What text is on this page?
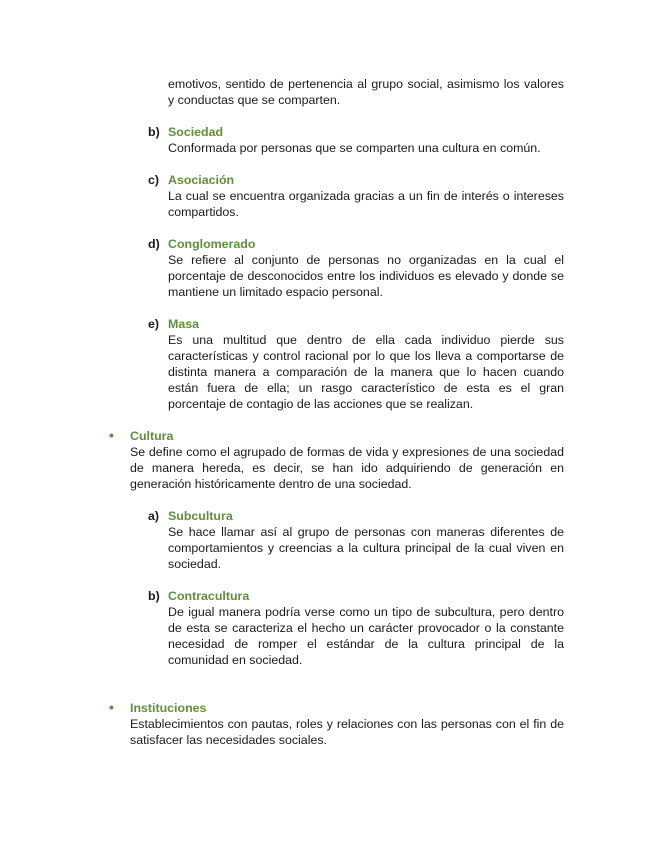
emotivos, sentido de pertenencia al grupo social, asimismo los valores y conductas que se comparten.

b) Sociedad

Conformada por personas que se comparten una cultura en común.

c) Asociación

La cual se encuentra organizada gracias a un fin de interés o intereses compartidos.

d) Conglomerado

Se refiere al conjunto de personas no organizadas en la cual el porcentaje de desconocidos entre los individuos es elevado y donde se mantiene un limitado espacio personal.

e) Masa

Es una multitud que dentro de ella cada individuo pierde sus características y control racional por lo que los lleva a comportarse de distinta manera a comparación de la manera que lo hacen cuando están fuera de ella; un rasgo característico de esta es el gran porcentaje de contagio de las acciones que se realizan.

• Cultura

Se define como el agrupado de formas de vida y expresiones de una sociedad de manera hereda, es decir, se han ido adquiriendo de generación en generación históricamente dentro de una sociedad.

a) Subcultura

Se hace llamar así al grupo de personas con maneras diferentes de comportamientos y creencias a la cultura principal de la cual viven en sociedad.

b) Contracultura

De igual manera podría verse como un tipo de subcultura, pero dentro de esta se caracteriza el hecho un carácter provocador o la constante necesidad de romper el estándar de la cultura principal de la comunidad en sociedad.

• Instituciones

Establecimientos con pautas, roles y relaciones con las personas con el fin de satisfacer las necesidades sociales.
